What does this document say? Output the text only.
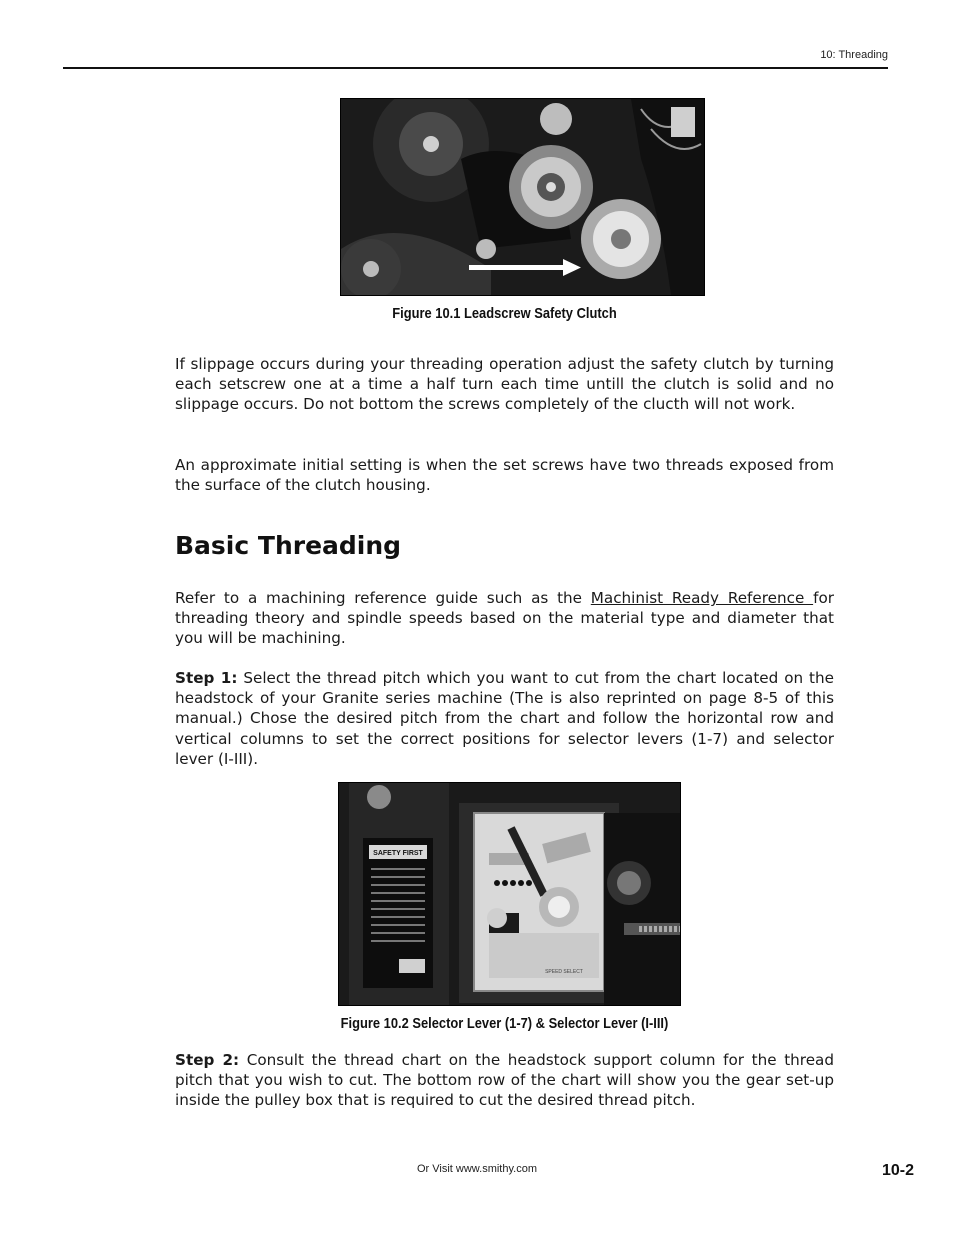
10: Threading
Figure 10.1 Leadscrew Safety Clutch

If slippage occurs during your threading operation adjust the safety clutch by turning each setscrew one at a time a half turn each time untill the clutch is solid and no slippage occurs. Do not bottom the screws completely of the clucth will not work.

An approximate initial setting is when the set screws have two threads exposed from the surface of the clutch housing.

Basic Threading

Refer to a machining reference guide such as the Machinist Ready Reference for threading theory and spindle speeds based on the material type and diameter that you will be machining.

Step 1: Select the thread pitch which you want to cut from the chart located on the headstock of your Granite series machine (The is also reprinted on page 8-5 of this manual.) Chose the desired pitch from the chart and follow the horizontal row and vertical columns to set the correct positions for selector levers (1-7) and selector lever (I-III).

SAFETY FIRST
SPEED SELECT
Figure 10.2 Selector Lever (1-7) & Selector Lever (I-III)

Step 2: Consult the thread chart on the headstock support column for the thread pitch that you wish to cut. The bottom row of the chart will show you the gear set-up inside the pulley box that is required to cut the desired thread pitch.

Or Visit www.smithy.com	10-2
